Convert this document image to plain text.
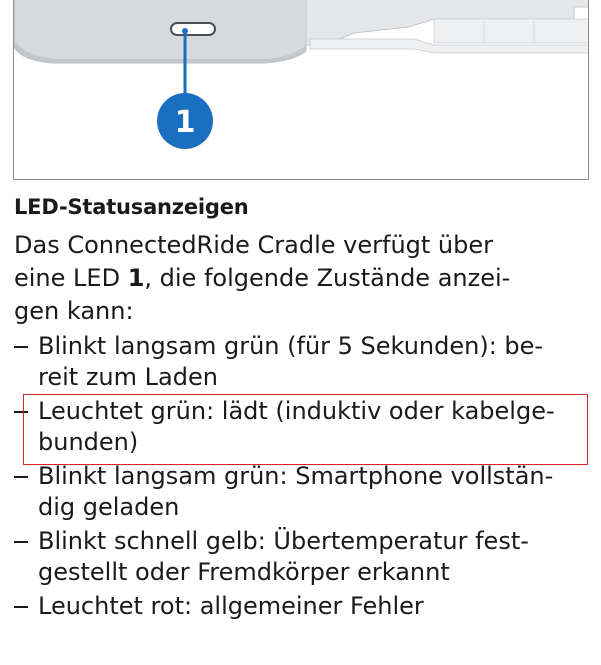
1
LED-Statusanzeigen
Das ConnectedRide Cradle verfügt über
eine LED 1, die folgende Zustände anzei-
gen kann:
Blinkt langsam grün (für 5 Sekunden): be-
reit zum Laden
Leuchtet grün: lädt (induktiv oder kabelge-
bunden)
Blinkt langsam grün: Smartphone vollstän-
dig geladen
Blinkt schnell gelb: Übertemperatur fest-
gestellt oder Fremdkörper erkannt
Leuchtet rot: allgemeiner Fehler
